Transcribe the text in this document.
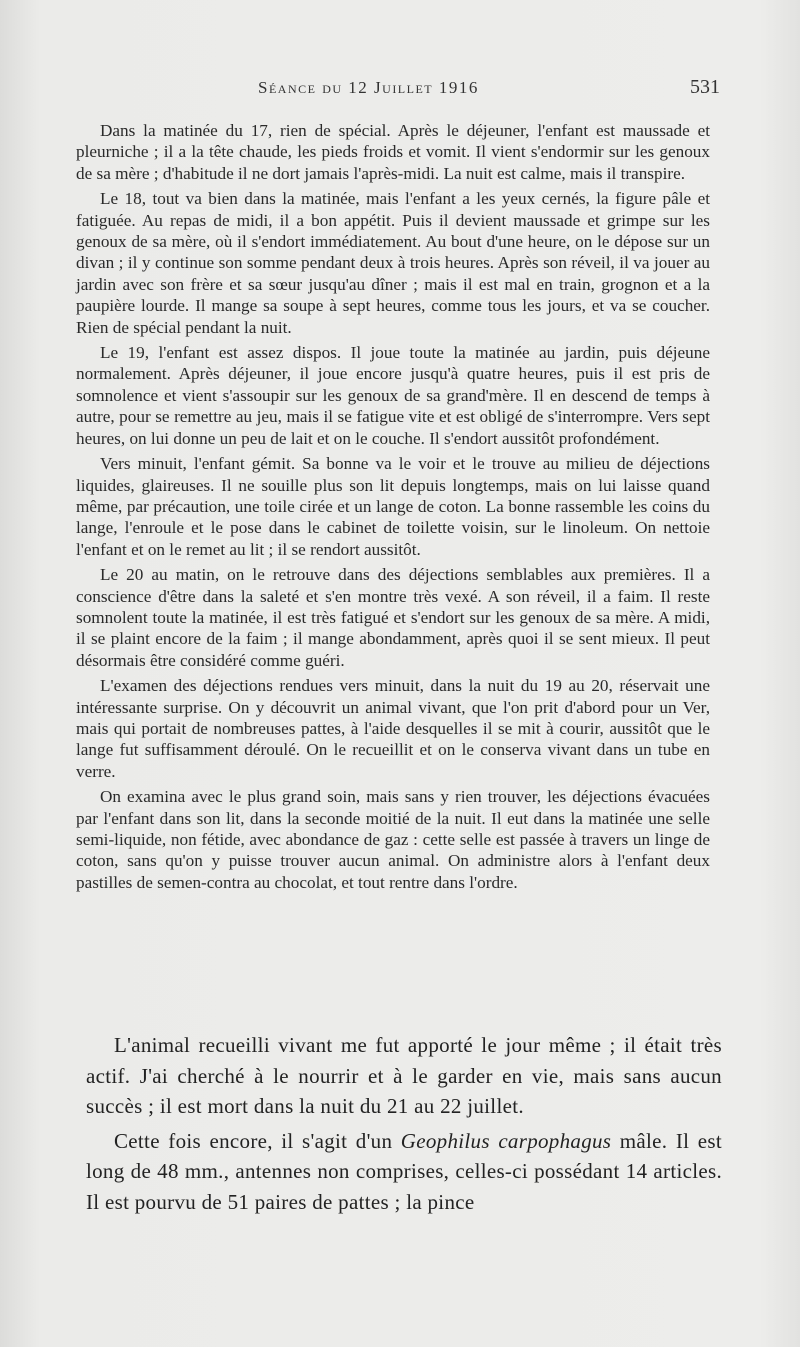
Séance du 12 Juillet 1916	531

Dans la matinée du 17, rien de spécial. Après le déjeuner, l'enfant est maussade et pleurniche ; il a la tête chaude, les pieds froids et vomit. Il vient s'endormir sur les genoux de sa mère ; d'habitude il ne dort jamais l'après-midi. La nuit est calme, mais il transpire.

Le 18, tout va bien dans la matinée, mais l'enfant a les yeux cernés, la figure pâle et fatiguée. Au repas de midi, il a bon appétit. Puis il devient maussade et grimpe sur les genoux de sa mère, où il s'endort immédiatement. Au bout d'une heure, on le dépose sur un divan ; il y continue son somme pendant deux à trois heures. Après son réveil, il va jouer au jardin avec son frère et sa sœur jusqu'au dîner ; mais il est mal en train, grognon et a la paupière lourde. Il mange sa soupe à sept heures, comme tous les jours, et va se coucher. Rien de spécial pendant la nuit.

Le 19, l'enfant est assez dispos. Il joue toute la matinée au jardin, puis déjeune normalement. Après déjeuner, il joue encore jusqu'à quatre heures, puis il est pris de somnolence et vient s'assoupir sur les genoux de sa grand'mère. Il en descend de temps à autre, pour se remettre au jeu, mais il se fatigue vite et est obligé de s'interrompre. Vers sept heures, on lui donne un peu de lait et on le couche. Il s'endort aussitôt profondément.

Vers minuit, l'enfant gémit. Sa bonne va le voir et le trouve au milieu de déjections liquides, glaireuses. Il ne souille plus son lit depuis longtemps, mais on lui laisse quand même, par précaution, une toile cirée et un lange de coton. La bonne rassemble les coins du lange, l'enroule et le pose dans le cabinet de toilette voisin, sur le linoleum. On nettoie l'enfant et on le remet au lit ; il se rendort aussitôt.

Le 20 au matin, on le retrouve dans des déjections semblables aux premières. Il a conscience d'être dans la saleté et s'en montre très vexé. A son réveil, il a faim. Il reste somnolent toute la matinée, il est très fatigué et s'endort sur les genoux de sa mère. A midi, il se plaint encore de la faim ; il mange abondamment, après quoi il se sent mieux. Il peut désormais être considéré comme guéri.

L'examen des déjections rendues vers minuit, dans la nuit du 19 au 20, réservait une intéressante surprise. On y découvrit un animal vivant, que l'on prit d'abord pour un Ver, mais qui portait de nombreuses pattes, à l'aide desquelles il se mit à courir, aussitôt que le lange fut suffisamment déroulé. On le recueillit et on le conserva vivant dans un tube en verre.

On examina avec le plus grand soin, mais sans y rien trouver, les déjections évacuées par l'enfant dans son lit, dans la seconde moitié de la nuit. Il eut dans la matinée une selle semi-liquide, non fétide, avec abondance de gaz : cette selle est passée à travers un linge de coton, sans qu'on y puisse trouver aucun animal. On administre alors à l'enfant deux pastilles de semen-contra au chocolat, et tout rentre dans l'ordre.

L'animal recueilli vivant me fut apporté le jour même ; il était très actif. J'ai cherché à le nourrir et à le garder en vie, mais sans aucun succès ; il est mort dans la nuit du 21 au 22 juillet.

Cette fois encore, il s'agit d'un Geophilus carpophagus mâle. Il est long de 48 mm., antennes non comprises, celles-ci possédant 14 articles. Il est pourvu de 51 paires de pattes ; la pince
